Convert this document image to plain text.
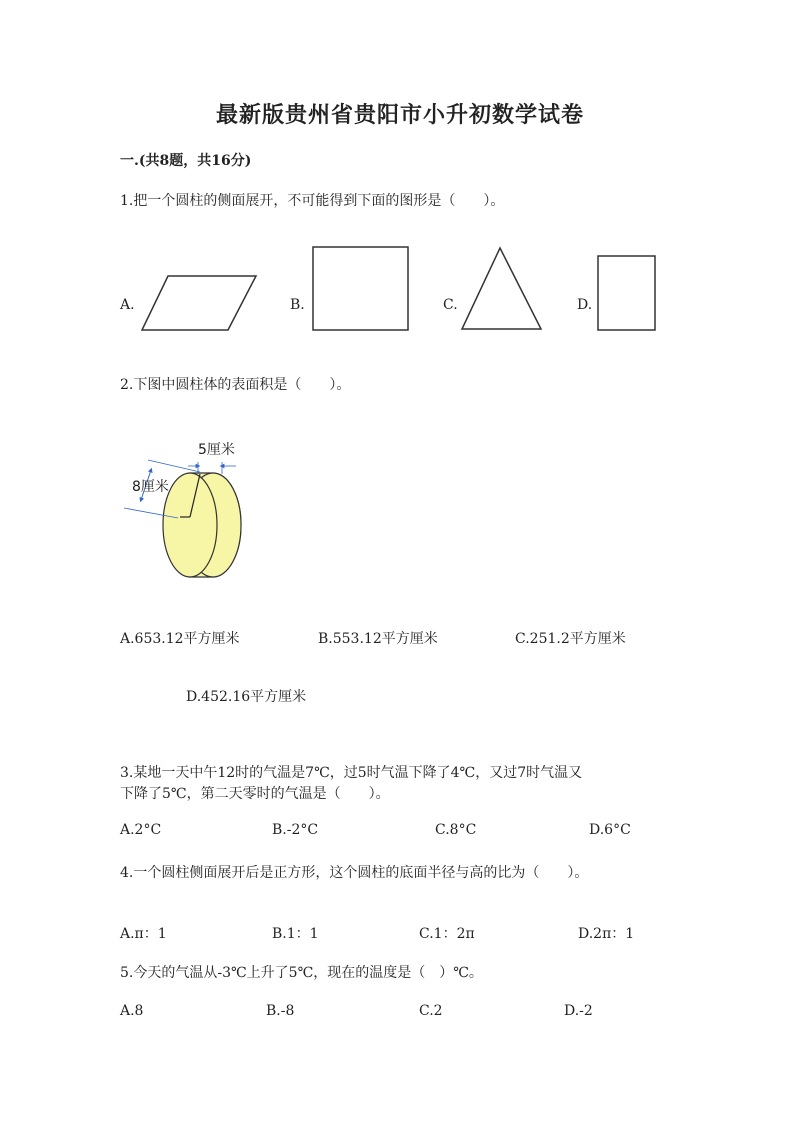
最新版贵州省贵阳市小升初数学试卷
一.(共8题，共16分)
1.把一个圆柱的侧面展开，不可能得到下面的图形是（　　）。
A.	B.	C.	D.
2.下图中圆柱体的表面积是（　　）。
5厘米
8厘米
A.653.12平方厘米	B.553.12平方厘米	C.251.2平方厘米
D.452.16平方厘米
3.某地一天中午12时的气温是7℃，过5时气温下降了4℃，又过7时气温又
下降了5℃，第二天零时的气温是（　　）。
A.2°C	B.-2°C	C.8°C	D.6°C
4.一个圆柱侧面展开后是正方形，这个圆柱的底面半径与高的比为（　　）。
A.π：1	B.1：1	C.1：2π	D.2π：1
5.今天的气温从-3℃上升了5℃，现在的温度是（　）℃。
A.8	B.-8	C.2	D.-2
